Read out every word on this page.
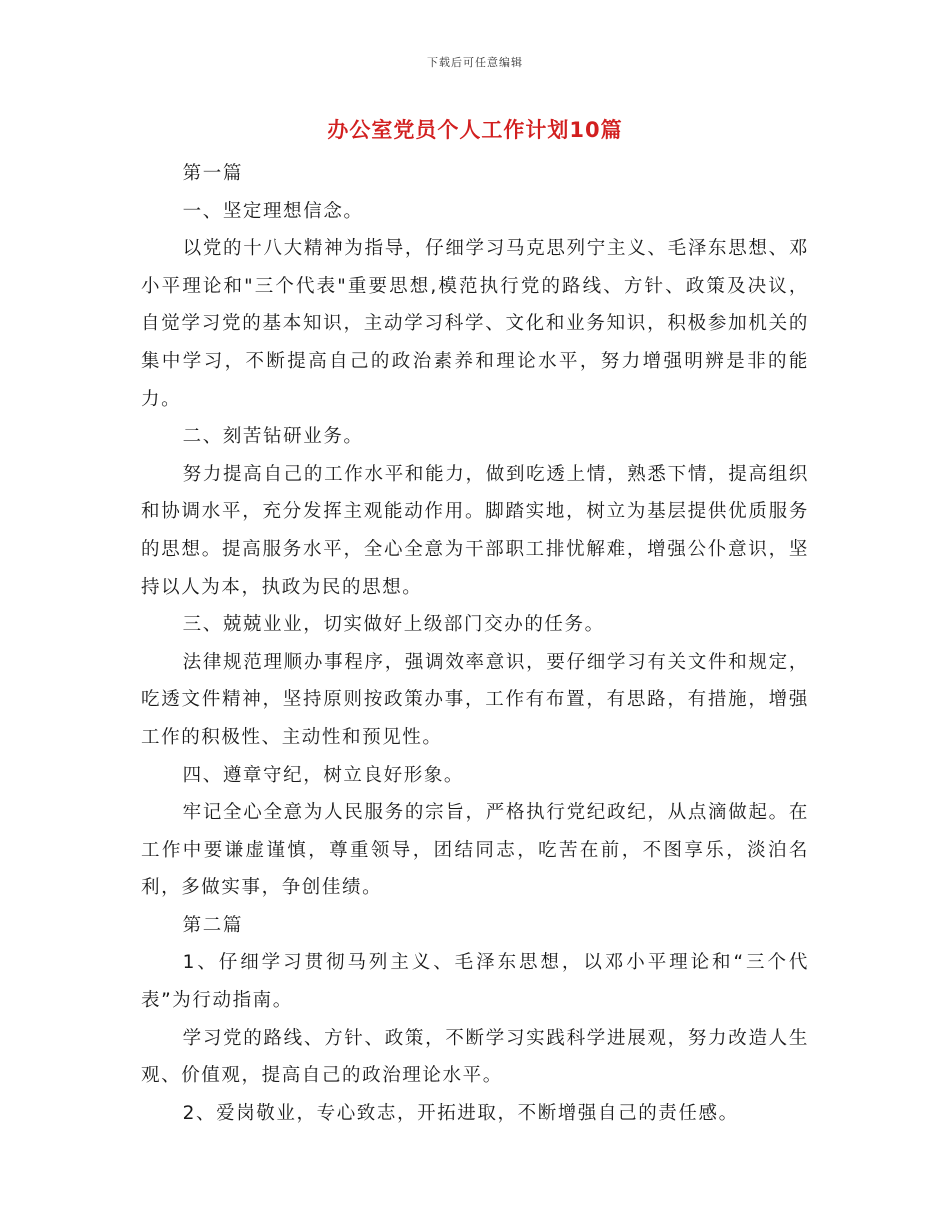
下载后可任意编辑
办公室党员个人工作计划10篇

第一篇

一、坚定理想信念。

以党的十八大精神为指导，仔细学习马克思列宁主义、毛泽东思想、邓小平理论和"三个代表"重要思想,模范执行党的路线、方针、政策及决议，自觉学习党的基本知识，主动学习科学、文化和业务知识，积极参加机关的集中学习，不断提高自己的政治素养和理论水平，努力增强明辨是非的能力。

二、刻苦钻研业务。

努力提高自己的工作水平和能力，做到吃透上情，熟悉下情，提高组织和协调水平，充分发挥主观能动作用。脚踏实地，树立为基层提供优质服务的思想。提高服务水平，全心全意为干部职工排忧解难，增强公仆意识，坚持以人为本，执政为民的思想。

三、兢兢业业，切实做好上级部门交办的任务。

法律规范理顺办事程序，强调效率意识，要仔细学习有关文件和规定，吃透文件精神，坚持原则按政策办事，工作有布置，有思路，有措施，增强工作的积极性、主动性和预见性。

四、遵章守纪，树立良好形象。

牢记全心全意为人民服务的宗旨，严格执行党纪政纪，从点滴做起。在工作中要谦虚谨慎，尊重领导，团结同志，吃苦在前，不图享乐，淡泊名利，多做实事，争创佳绩。

第二篇

1、仔细学习贯彻马列主义、毛泽东思想，以邓小平理论和“三个代表”为行动指南。

学习党的路线、方针、政策，不断学习实践科学进展观，努力改造人生观、价值观，提高自己的政治理论水平。

2、爱岗敬业，专心致志，开拓进取，不断增强自己的责任感。
